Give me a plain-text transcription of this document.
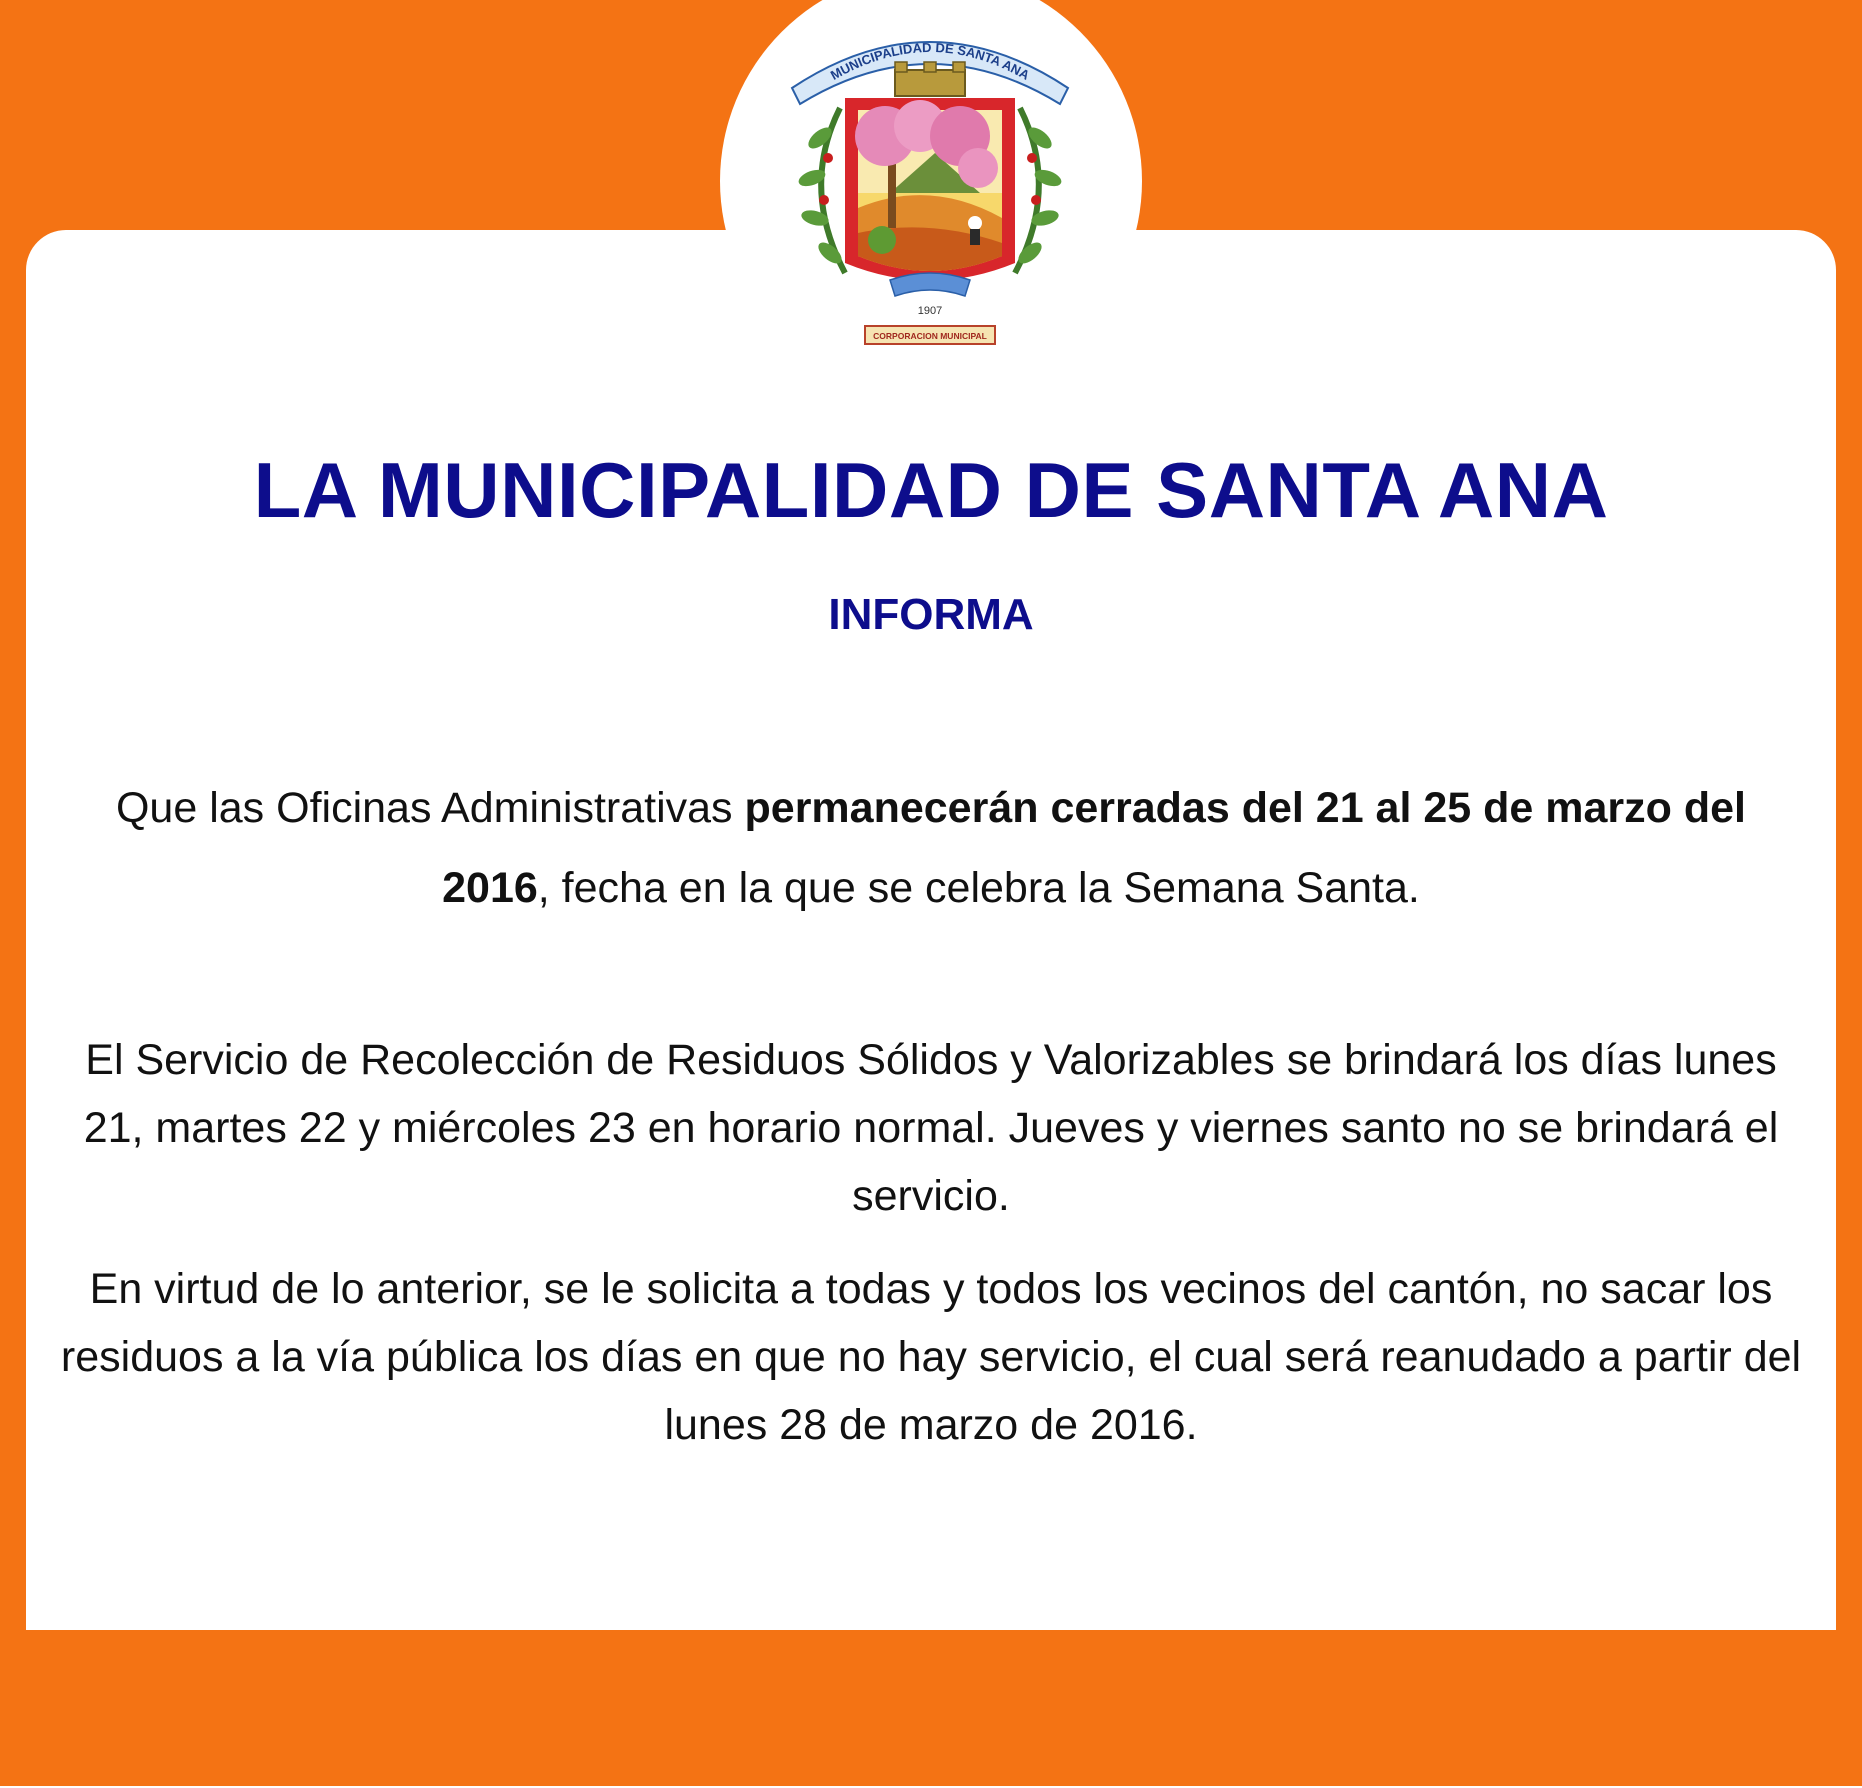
MUNICIPALIDAD DE SANTA ANA
1907
CORPORACION MUNICIPAL
LA MUNICIPALIDAD DE SANTA ANA
INFORMA

Que las Oficinas Administrativas permanecerán cerradas del 21 al 25 de marzo del 2016, fecha en la que se celebra la Semana Santa.

El Servicio de Recolección de Residuos Sólidos y Valorizables se brindará los días lunes 21, martes 22 y miércoles 23 en horario normal. Jueves y viernes santo no se brindará el servicio.

En virtud de lo anterior, se le solicita a todas y todos los vecinos del cantón, no sacar los residuos a la vía pública los días en que no hay servicio, el cual será reanudado a partir del lunes 28 de marzo de 2016.
